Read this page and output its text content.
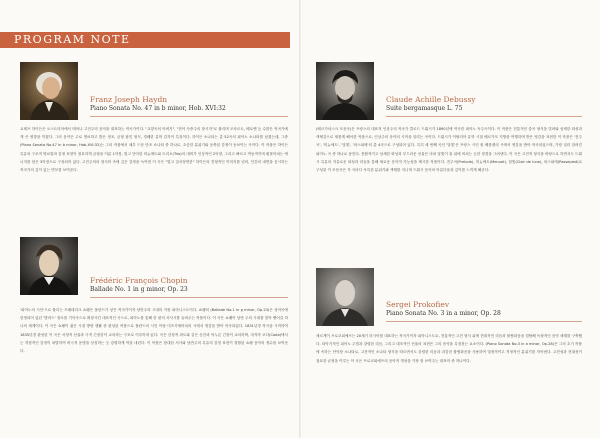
PROGRAM NOTE
Franz Joseph Haydn
Piano Sonata No. 47 in b minor, Hob. XVI:32
요제프 하이든은 오스트리아에서 태어나 고전주의 음악을 대표하는 작곡가이다. "교향곡의 아버지", "현악 사중주의 창시자"로 불리며 모차르트, 베토벤 등 수많은 작곡가에게 큰 영향을 끼쳤다. 그의 음악은 주로 명료하고 밝은 정조, 균형 잡힌 형식, 경쾌한 유머 감각이 특징이다. 하이든 소나타는 총 52곡의 피아노 소나타를 남겼는데, 그중 (Piano Sonata No.47 in b minor, Hob.XVI:32)는 그의 작품에서 매우 드문 단조 소나타 중 하나로, 초증한 분위기와 응축된 감정이 돋보이는 곡이다. 이 작품은 하이든 특유의 구조적 명료함과 감정 표현이 절묘하게 균형을 이룬 1악장, 빛고 단아한 미뉴에트와 트리오(Trio)의 대비가 인상적인 2악장, 그리고 빠르고 역동적이며 휘몰아치는 에너지를 담은 3악장으로 구성되어 있다. 고전주의의 형식미 속에 깊은 감정을 녹여낸 이 곡은 "빛고 질서정연한" 하이든의 전형적인 이미지를 넘어, 인간의 내면을 응시하는 작곡가의 깊이 있는 면모를 보여준다.
Frédéric François Chopin
Ballade No. 1 in g minor, Op. 23
'피아노의 시인'으로 불리는 프레데리크 쇼팽은 폴란드가 낳은 작곡가이자 낭만주의 시대의 거장 피아니스트이다. 쇼팽의 (Ballade No.1 in g minor, Op.23)은 성악곡에 한정되어 있던 '발라드' 장르를 기악곡으로 확장시킨 대표적인 곡으로, 피아노를 통해 한 편의 서사시를 들려주는 작품이다. 이 곡은 쇼팽이 낭만 주의 시대를 맞아 뻗어갈 하나의 세계이다. 이 곡은 쇼팽이 젊은 시절 방랑 생활 중 완성된 작품으로 폴란드의 시인 아담 미츠키에비치의 시에서 영감을 받아 작곡되었다. 1831년경 작곡을 시작하여 1835년경 완성한 이 곡은 서정적 선율과 극적 긴장감이 교차하는 구조로 이루어져 있다. 곡은 감정적 파도와 같은 순간과 억누른 긴장이 교차하며, 마지막 코다(Coda)에서는 격정적인 감정이 폭발하여 비극적 운명을 상징하는 듯 강렬하게 막을 내린다. 이 작품은 장대한 서사와 낭만주의 특유의 감정 표현이 결합된 쇼팽 음악의 정수를 보여준다.
Claude Achille Debussy
Suite bergamasque L. 75
(베르가마스크 모음곡)은 프랑스의 대표적 인상주의 작곡가 클로드 드뷔시가 1890년에 작곡한 피아노 독주곡이다. 이 작품은 전통적인 춤곡 형식을 빌려와 섬세한 화성과 색채감으로 새롭게 해석한 작품으로, 인상주의 음악의 시작을 알리는 곡이다. 드뷔시가 이탈리아 유학 시절 베르가모 지방을 여행하며 받은 영감을 표현한 이 작품은 '전주곡', '미뉴에트', '달빛', '파스피에'의 총 4곡으로 구성되어 있다. 특히 세 번째 곡인 '달빛'은 프랑스 시인 폴 베를렌의 시에서 영감을 받아 작곡되었으며, 가장 널리 알려진 피아노 곡 중 하나로 꼽힌다. 몽환적이고 섬세한 화성과 부드러운 선율은 마치 달빛이 물 위에 비치는 듯한 정경을 그려낸다. 이 곡은 고전적 형식을 바탕으로 하면서도 드뷔시 특유의 자유로운 화성과 리듬을 통해 새로운 음악적 가능성을 제시한 작품이다. 전주곡(Prelude), 미뉴에트(Menuet), 달빛(Clair de lune), 파스피에(Passepied)로 구성된 이 모음곡은 각 곡마다 독특한 분위기와 색채를 지니며 드뷔시 음악의 아름다움과 깊이를 느끼게 해준다.
Sergei Prokofiev
Piano Sonata No. 3 in a minor, Op. 28
세르게이 프로코피예프는 20세기 러시아를 대표하는 작곡가이자 피아니스트로, 전통적인 고전 형식 위에 현대적인 리듬과 불협화음을 결합해 독창적인 음악 세계를 구축했다. 타악기적인 피아노 주법과 강렬한 리듬, 그리고 대조적인 선율의 표현은 그의 음악을 특징짓는 요소이다. (Piano Sonata No.3 in a minor, Op.28)은 그의 초기 작품에 속하는 단악장 소나타로, 고전적인 소나타 형식을 따르면서도 강렬한 리듬과 과감한 불협화음을 사용하여 열정적이고 격정적인 분위기를 자아낸다. 고전성과 현대성이 절묘한 균형을 이루는 이 곡은 프로코피예프의 음악적 개성을 가장 잘 보여주는 대표작 중 하나이다.
